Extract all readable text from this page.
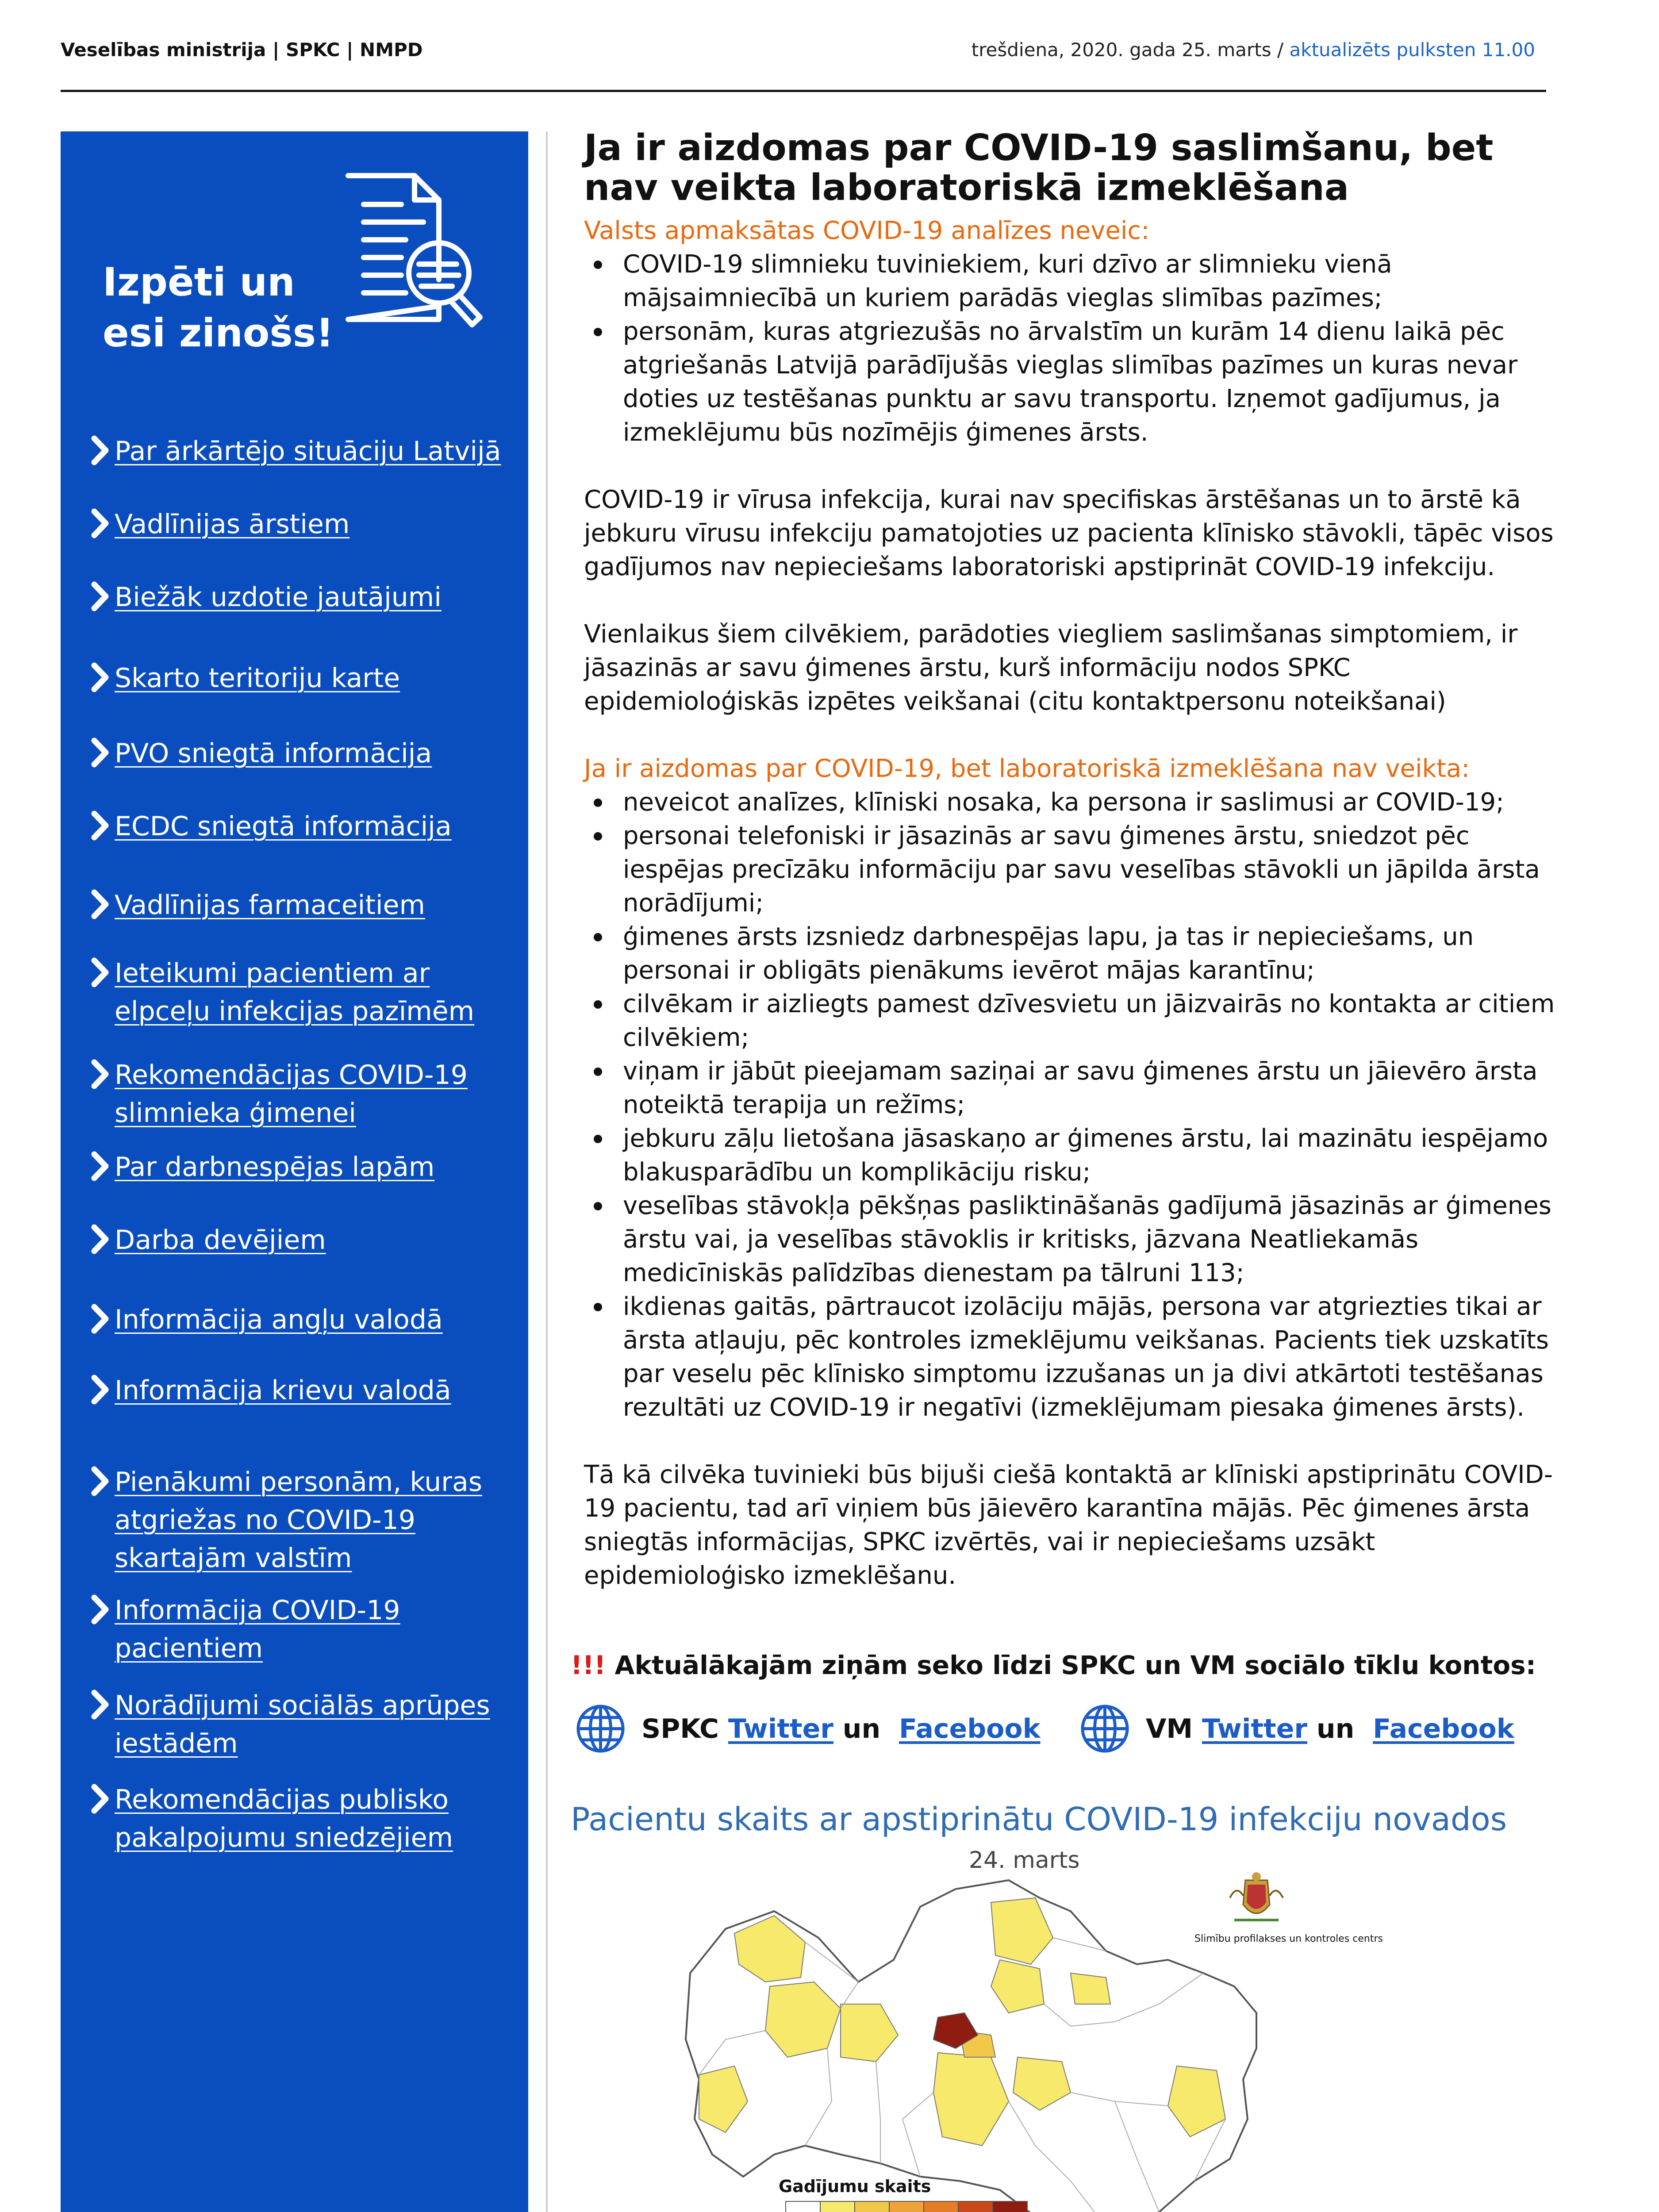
Veselības ministrija | SPKC | NMPD	trešdiena, 2020. gada 25. marts / aktualizēts pulksten 11.00
Izpēti un
esi zinošs!
Par ārkārtējo situāciju Latvijā
Vadlīnijas ārstiem
Biežāk uzdotie jautājumi
Skarto teritoriju karte
PVO sniegtā informācija
ECDC sniegtā informācija
Vadlīnijas farmaceitiem
Ieteikumi pacientiem ar
elpceļu infekcijas pazīmēm
Rekomendācijas COVID-19
slimnieka ģimenei
Par darbnespējas lapām
Darba devējiem
Informācija angļu valodā
Informācija krievu valodā
Pienākumi personām, kuras
atgriežas no COVID-19
skartajām valstīm
Informācija COVID-19
pacientiem
Norādījumi sociālās aprūpes
iestādēm
Rekomendācijas publisko
pakalpojumu sniedzējiem
Ja ir aizdomas par COVID-19 saslimšanu, bet nav veikta laboratoriskā izmeklēšana
Valsts apmaksātas COVID-19 analīzes neveic:
COVID-19 slimnieku tuviniekiem, kuri dzīvo ar slimnieku vienā mājsaimniecībā un kuriem parādās vieglas slimības pazīmes;
personām, kuras atgriezušās no ārvalstīm un kurām 14 dienu laikā pēc atgriešanās Latvijā parādījušās vieglas slimības pazīmes un kuras nevar doties uz testēšanas punktu ar savu transportu. Izņemot gadījumus, ja izmeklējumu būs nozīmējis ģimenes ārsts.

COVID-19 ir vīrusa infekcija, kurai nav specifiskas ārstēšanas un to ārstē kā jebkuru vīrusu infekciju pamatojoties uz pacienta klīnisko stāvokli, tāpēc visos gadījumos nav nepieciešams laboratoriski apstiprināt COVID-19 infekciju.

Vienlaikus šiem cilvēkiem, parādoties viegliem saslimšanas simptomiem, ir jāsazinās ar savu ģimenes ārstu, kurš informāciju nodos SPKC epidemioloģiskās izpētes veikšanai (citu kontaktpersonu noteikšanai)

Ja ir aizdomas par COVID-19, bet laboratoriskā izmeklēšana nav veikta:
neveicot analīzes, klīniski nosaka, ka persona ir saslimusi ar COVID-19;
personai telefoniski ir jāsazinās ar savu ģimenes ārstu, sniedzot pēc iespējas precīzāku informāciju par savu veselības stāvokli un jāpilda ārsta norādījumi;
ģimenes ārsts izsniedz darbnespējas lapu, ja tas ir nepieciešams, un personai ir obligāts pienākums ievērot mājas karantīnu;
cilvēkam ir aizliegts pamest dzīvesvietu un jāizvairās no kontakta ar citiem cilvēkiem;
viņam ir jābūt pieejamam saziņai ar savu ģimenes ārstu un jāievēro ārsta noteiktā terapija un režīms;
jebkuru zāļu lietošana jāsaskaņo ar ģimenes ārstu, lai mazinātu iespējamo blakusparādību un komplikāciju risku;
veselības stāvokļa pēkšņas pasliktināšanās gadījumā jāsazinās ar ģimenes ārstu vai, ja veselības stāvoklis ir kritisks, jāzvana Neatliekamās medicīniskās palīdzības dienestam pa tālruni 113;
ikdienas gaitās, pārtraucot izolāciju mājās, persona var atgriezties tikai ar ārsta atļauju, pēc kontroles izmeklējumu veikšanas. Pacients tiek uzskatīts par veselu pēc klīnisko simptomu izzušanas un ja divi atkārtoti testēšanas rezultāti uz COVID-19 ir negatīvi (izmeklējumam piesaka ģimenes ārsts).

Tā kā cilvēka tuvinieki būs bijuši ciešā kontaktā ar klīniski apstiprinātu COVID-19 pacientu, tad arī viņiem būs jāievēro karantīna mājās. Pēc ģimenes ārsta sniegtās informācijas, SPKC izvērtēs, vai ir nepieciešams uzsākt epidemioloģisko izmeklēšanu.

!!! Aktuālākajām ziņām seko līdzi SPKC un VM sociālo tīklu kontos:
SPKC
Twitter
un
Facebook	VM
Twitter
un
Facebook
Pacientu skaits ar apstiprinātu COVID-19 infekciju novados
24. marts
Slimību profilakses un kontroles centrs
Gadījumu skaits
